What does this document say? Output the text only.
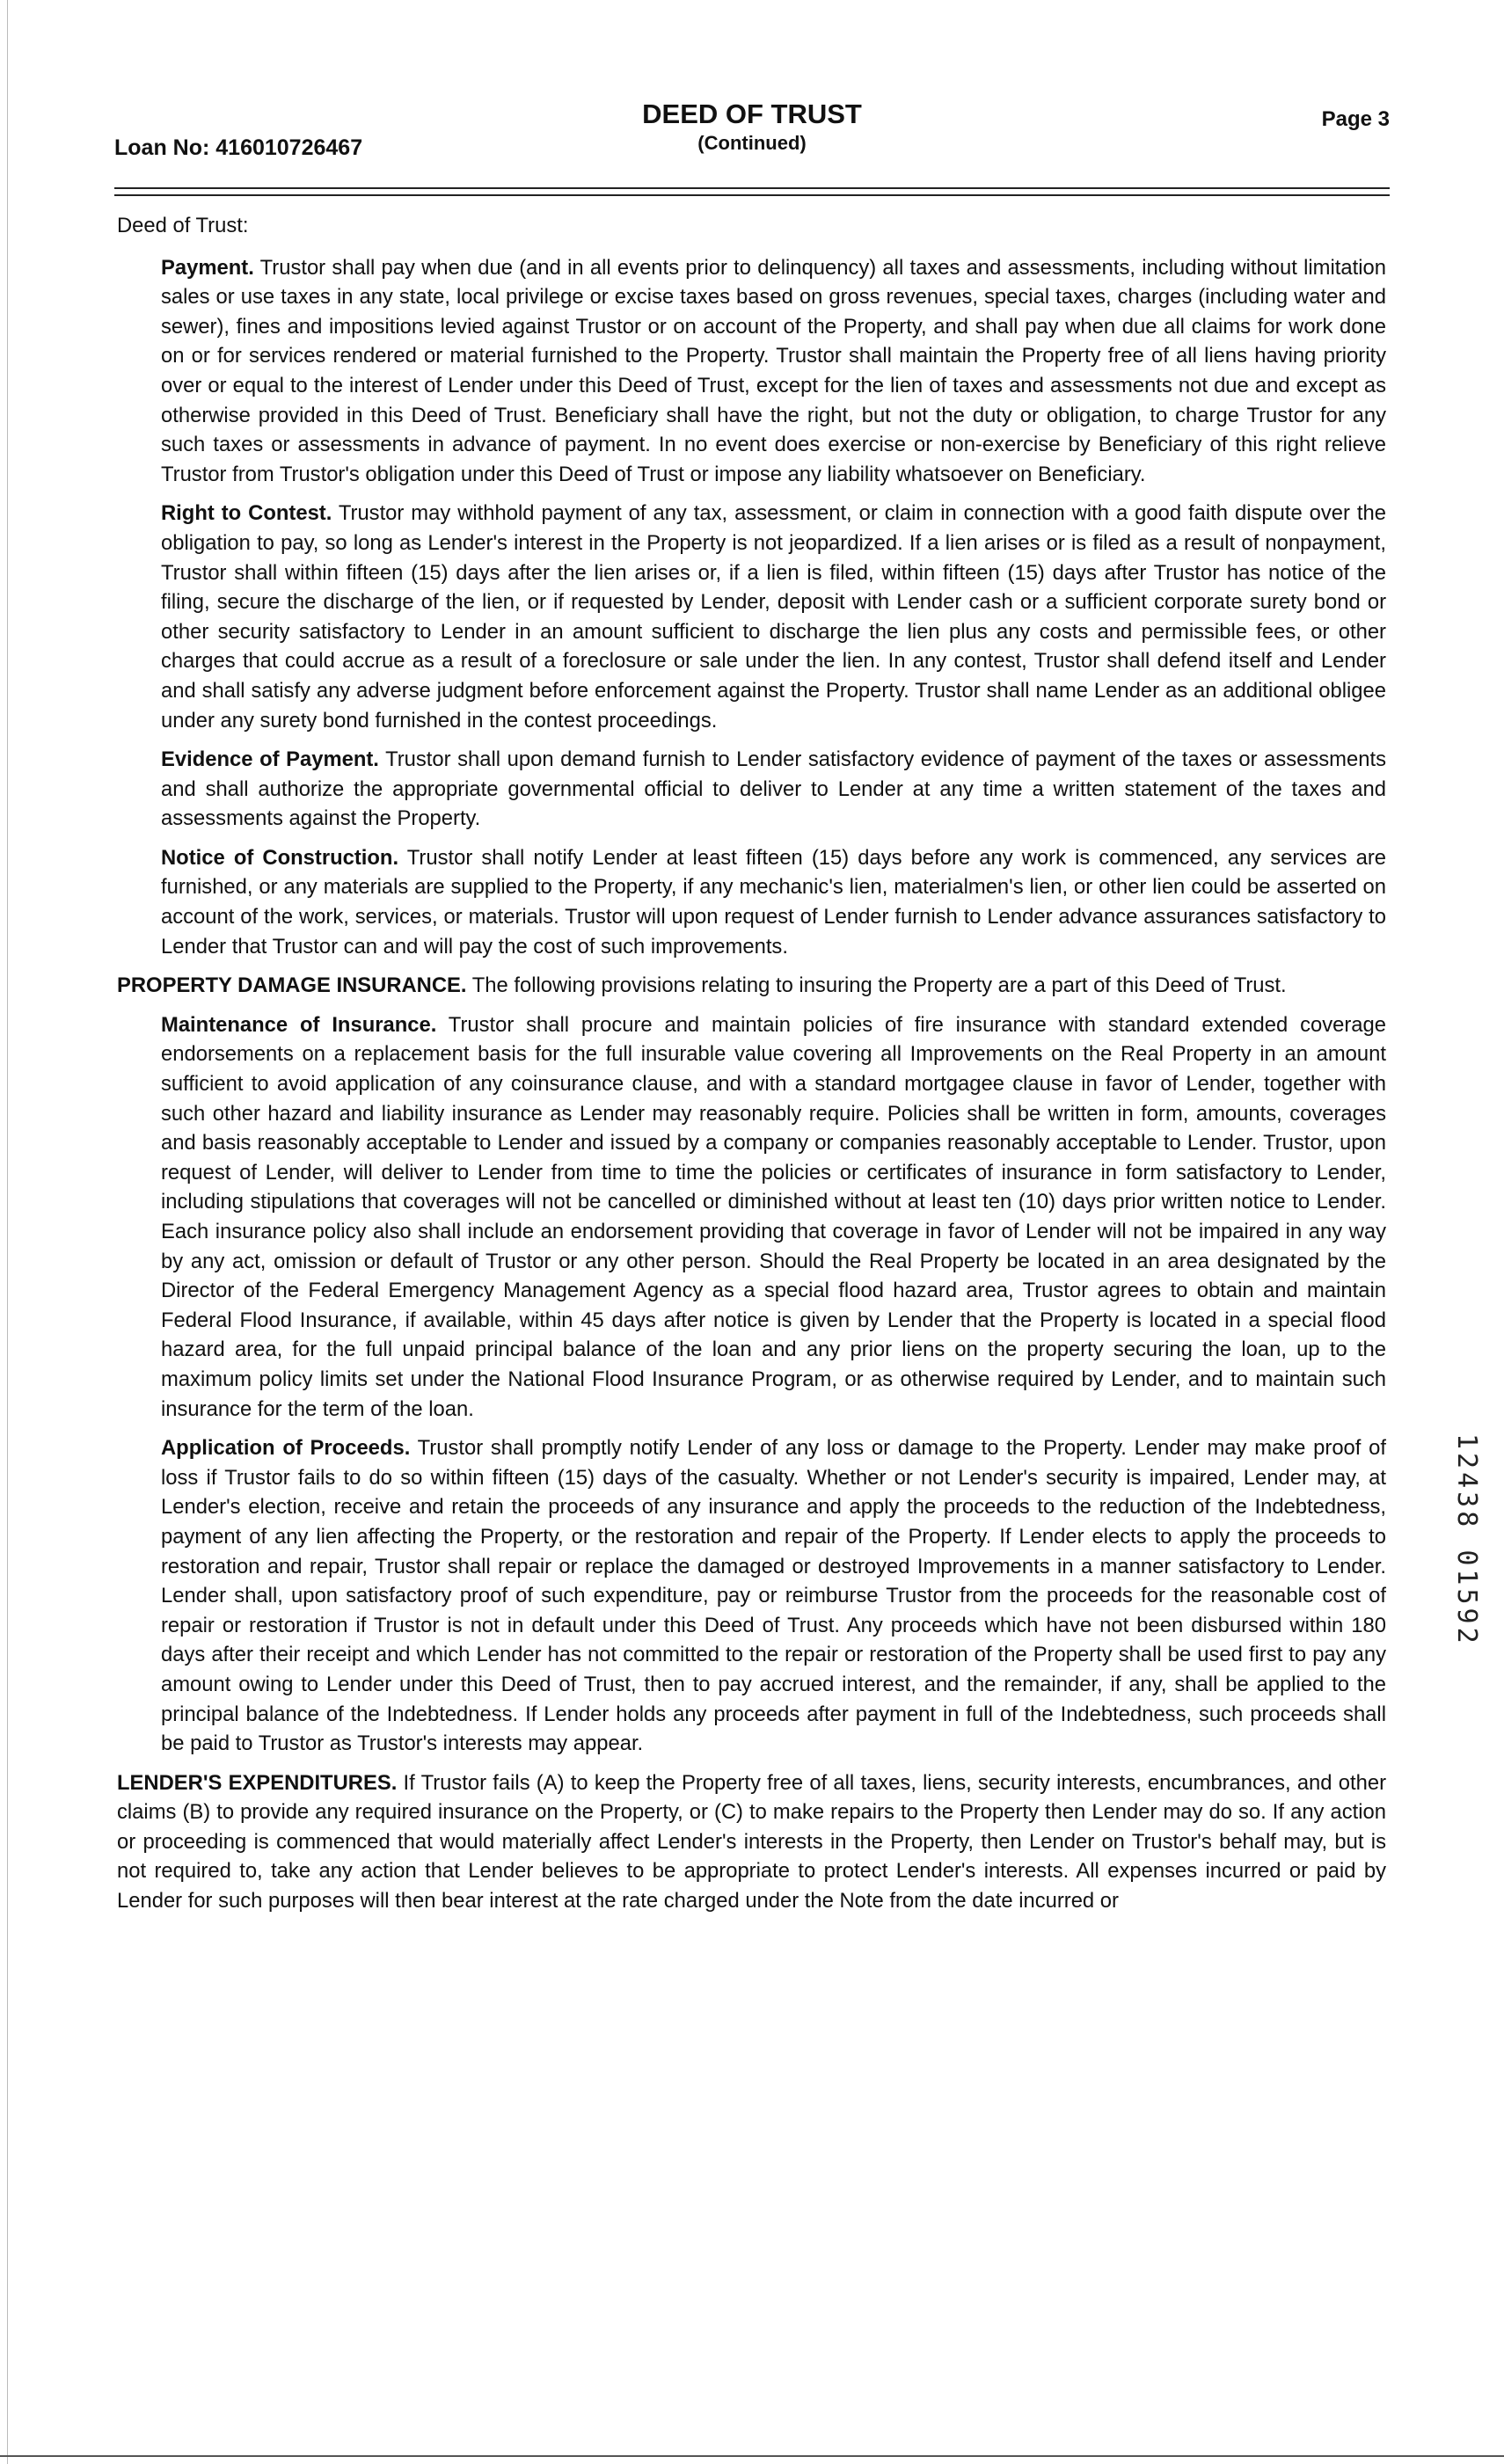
Loan No: 416010726467
DEED OF TRUST
(Continued)
Page 3

Deed of Trust:

Payment. Trustor shall pay when due (and in all events prior to delinquency) all taxes and assessments, including without limitation sales or use taxes in any state, local privilege or excise taxes based on gross revenues, special taxes, charges (including water and sewer), fines and impositions levied against Trustor or on account of the Property, and shall pay when due all claims for work done on or for services rendered or material furnished to the Property. Trustor shall maintain the Property free of all liens having priority over or equal to the interest of Lender under this Deed of Trust, except for the lien of taxes and assessments not due and except as otherwise provided in this Deed of Trust. Beneficiary shall have the right, but not the duty or obligation, to charge Trustor for any such taxes or assessments in advance of payment. In no event does exercise or non-exercise by Beneficiary of this right relieve Trustor from Trustor's obligation under this Deed of Trust or impose any liability whatsoever on Beneficiary.

Right to Contest. Trustor may withhold payment of any tax, assessment, or claim in connection with a good faith dispute over the obligation to pay, so long as Lender's interest in the Property is not jeopardized. If a lien arises or is filed as a result of nonpayment, Trustor shall within fifteen (15) days after the lien arises or, if a lien is filed, within fifteen (15) days after Trustor has notice of the filing, secure the discharge of the lien, or if requested by Lender, deposit with Lender cash or a sufficient corporate surety bond or other security satisfactory to Lender in an amount sufficient to discharge the lien plus any costs and permissible fees, or other charges that could accrue as a result of a foreclosure or sale under the lien. In any contest, Trustor shall defend itself and Lender and shall satisfy any adverse judgment before enforcement against the Property. Trustor shall name Lender as an additional obligee under any surety bond furnished in the contest proceedings.

Evidence of Payment. Trustor shall upon demand furnish to Lender satisfactory evidence of payment of the taxes or assessments and shall authorize the appropriate governmental official to deliver to Lender at any time a written statement of the taxes and assessments against the Property.

Notice of Construction. Trustor shall notify Lender at least fifteen (15) days before any work is commenced, any services are furnished, or any materials are supplied to the Property, if any mechanic's lien, materialmen's lien, or other lien could be asserted on account of the work, services, or materials. Trustor will upon request of Lender furnish to Lender advance assurances satisfactory to Lender that Trustor can and will pay the cost of such improvements.

PROPERTY DAMAGE INSURANCE. The following provisions relating to insuring the Property are a part of this Deed of Trust.

Maintenance of Insurance. Trustor shall procure and maintain policies of fire insurance with standard extended coverage endorsements on a replacement basis for the full insurable value covering all Improvements on the Real Property in an amount sufficient to avoid application of any coinsurance clause, and with a standard mortgagee clause in favor of Lender, together with such other hazard and liability insurance as Lender may reasonably require. Policies shall be written in form, amounts, coverages and basis reasonably acceptable to Lender and issued by a company or companies reasonably acceptable to Lender. Trustor, upon request of Lender, will deliver to Lender from time to time the policies or certificates of insurance in form satisfactory to Lender, including stipulations that coverages will not be cancelled or diminished without at least ten (10) days prior written notice to Lender. Each insurance policy also shall include an endorsement providing that coverage in favor of Lender will not be impaired in any way by any act, omission or default of Trustor or any other person. Should the Real Property be located in an area designated by the Director of the Federal Emergency Management Agency as a special flood hazard area, Trustor agrees to obtain and maintain Federal Flood Insurance, if available, within 45 days after notice is given by Lender that the Property is located in a special flood hazard area, for the full unpaid principal balance of the loan and any prior liens on the property securing the loan, up to the maximum policy limits set under the National Flood Insurance Program, or as otherwise required by Lender, and to maintain such insurance for the term of the loan.

Application of Proceeds. Trustor shall promptly notify Lender of any loss or damage to the Property. Lender may make proof of loss if Trustor fails to do so within fifteen (15) days of the casualty. Whether or not Lender's security is impaired, Lender may, at Lender's election, receive and retain the proceeds of any insurance and apply the proceeds to the reduction of the Indebtedness, payment of any lien affecting the Property, or the restoration and repair of the Property. If Lender elects to apply the proceeds to restoration and repair, Trustor shall repair or replace the damaged or destroyed Improvements in a manner satisfactory to Lender. Lender shall, upon satisfactory proof of such expenditure, pay or reimburse Trustor from the proceeds for the reasonable cost of repair or restoration if Trustor is not in default under this Deed of Trust. Any proceeds which have not been disbursed within 180 days after their receipt and which Lender has not committed to the repair or restoration of the Property shall be used first to pay any amount owing to Lender under this Deed of Trust, then to pay accrued interest, and the remainder, if any, shall be applied to the principal balance of the Indebtedness. If Lender holds any proceeds after payment in full of the Indebtedness, such proceeds shall be paid to Trustor as Trustor's interests may appear.

LENDER'S EXPENDITURES. If Trustor fails (A) to keep the Property free of all taxes, liens, security interests, encumbrances, and other claims (B) to provide any required insurance on the Property, or (C) to make repairs to the Property then Lender may do so. If any action or proceeding is commenced that would materially affect Lender's interests in the Property, then Lender on Trustor's behalf may, but is not required to, take any action that Lender believes to be appropriate to protect Lender's interests. All expenses incurred or paid by Lender for such purposes will then bear interest at the rate charged under the Note from the date incurred or

12438 01592
